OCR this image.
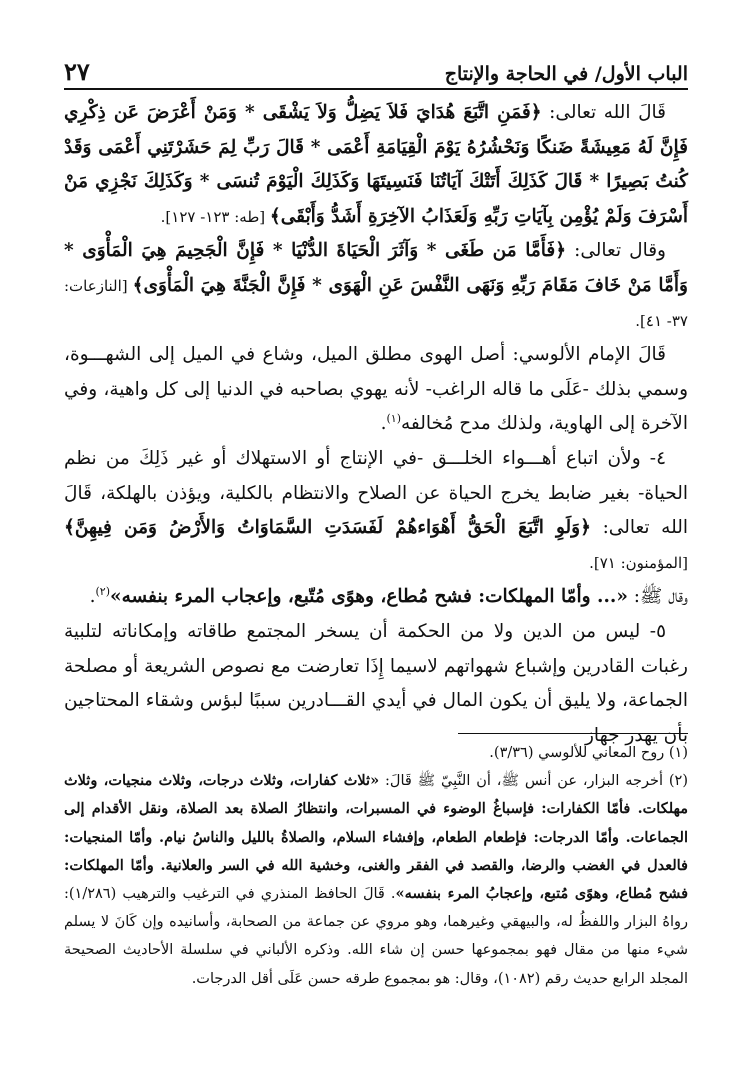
٢٧	الباب الأول/ في الحاجة والإنتاج

قَالَ الله تعالى: ﴿فَمَنِ اتَّبَعَ هُدَايَ فَلاَ يَضِلُّ وَلاَ يَشْقَى * وَمَنْ أَعْرَضَ عَن ذِكْرِي فَإِنَّ لَهُ مَعِيشَةً ضَنكًا وَنَحْشُرُهُ يَوْمَ الْقِيَامَةِ أَعْمَى * قَالَ رَبِّ لِمَ حَشَرْتَنِي أَعْمَى وَقَدْ كُنتُ بَصِيرًا * قَالَ كَذَلِكَ أَتَتْكَ آيَاتُنَا فَنَسِيتَهَا وَكَذَلِكَ الْيَوْمَ تُنسَى * وَكَذَلِكَ نَجْزِي مَنْ أَسْرَفَ وَلَمْ يُؤْمِن بِآيَاتِ رَبِّهِ وَلَعَذَابُ الآخِرَةِ أَشَدُّ وَأَبْقَى﴾ [طه: ١٢٣- ١٢٧].

وقال تعالى: ﴿فَأَمَّا مَن طَغَى * وَآثَرَ الْحَيَاةَ الدُّنْيَا * فَإِنَّ الْجَحِيمَ هِيَ الْمَأْوَى * وَأَمَّا مَنْ خَافَ مَقَامَ رَبِّهِ وَنَهَى النَّفْسَ عَنِ الْهَوَى * فَإِنَّ الْجَنَّةَ هِيَ الْمَأْوَى﴾ [النازعات: ٣٧- ٤١].

قَالَ الإمام الألوسي: أصل الهوى مطلق الميل، وشاع في الميل إلى الشهـــوة، وسمي بذلك -عَلَى ما قاله الراغب- لأنه يهوي بصاحبه في الدنيا إلى كل واهية، وفي الآخرة إلى الهاوية، ولذلك مدح مُخالفه$^{(١)}$.

٤- ولأن اتباع أهـــواء الخلـــق -في الإنتاج أو الاستهلاك أو غير ذَلِكَ من نظم الحياة- بغير ضابط يخرج الحياة عن الصلاح والانتظام بالكلية، ويؤذن بالهلكة، قَالَ الله تعالى: ﴿وَلَوِ اتَّبَعَ الْحَقُّ أَهْوَاءهُمْ لَفَسَدَتِ السَّمَاوَاتُ وَالأَرْضُ وَمَن فِيهِنَّ﴾ [المؤمنون: ٧١].

وقال ﷺ: «... وأمّا المهلكات: فشح مُطاع، وهوًى مُتّبع، وإعجاب المرء بنفسه»$^{(٢)}$.

٥- ليس من الدين ولا من الحكمة أن يسخر المجتمع طاقاته وإمكاناته لتلبية رغبات القادرين وإشباع شهواتهم لاسيما إِذَا تعارضت مع نصوص الشريعة أو مصلحة الجماعة، ولا يليق أن يكون المال في أيدي القـــادرين سببًا لبؤس وشقاء المحتاجين بأن يهدر جهاز

(١) روح المعاني للألوسي (٣/٣٦).

(٢) أخرجه البزار، عن أنس ﷺ، أن النَّبِيّ ﷺ قَالَ: «ثلاث كفارات، وثلاث درجات، وثلاث منجيات، وثلاث مهلكات. فأمّا الكفارات: فإسباغُ الوضوء في المسبرات، وانتظارُ الصلاة بعد الصلاة، ونقل الأقدام إلى الجماعات. وأمّا الدرجات: فإطعام الطعام، وإفشاء السلام، والصلاةُ بالليل والناسُ نيام. وأمّا المنجيات: فالعدل في الغضب والرضا، والقصد في الفقر والغنى، وخشية الله في السر والعلانية. وأمّا المهلكات: فشح مُطاع، وهوًى مُتبع، وإعجابُ المرء بنفسه». قَالَ الحافظ المنذري في الترغيب والترهيب (١/٢٨٦): رواهُ البزار واللفظُ له، والبيهقي وغيرهما، وهو مروي عن جماعة من الصحابة، وأسانيده وإن كَانَ لا يسلم شيء منها من مقال فهو بمجموعها حسن إن شاء الله. وذكره الألباني في سلسلة الأحاديث الصحيحة المجلد الرابع حديث رقم (١٠٨٢)، وقال: هو بمجموع طرقه حسن عَلَى أقل الدرجات.
